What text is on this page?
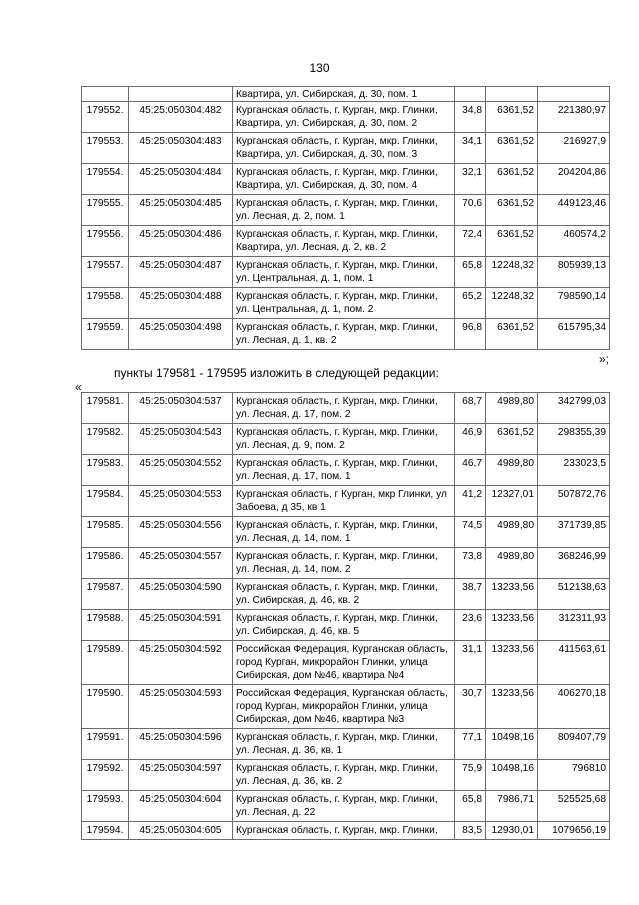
130
		Квартира, ул. Сибирская, д. 30, пом. 1			
179552.	45:25:050304:482	Курганская область, г. Курган, мкр. Глинки, Квартира, ул. Сибирская, д. 30, пом. 2	34,8	6361,52	221380,97
179553.	45:25:050304:483	Курганская область, г. Курган, мкр. Глинки, Квартира, ул. Сибирская, д. 30, пом. 3	34,1	6361,52	216927,9
179554.	45:25:050304:484	Курганская область, г. Курган, мкр. Глинки, Квартира, ул. Сибирская, д. 30, пом. 4	32,1	6361,52	204204,86
179555.	45:25:050304:485	Курганская область, г. Курган, мкр. Глинки, ул. Лесная, д. 2, пом. 1	70,6	6361,52	449123,46
179556.	45:25:050304:486	Курганская область, г. Курган, мкр. Глинки, Квартира, ул. Лесная, д. 2, кв. 2	72,4	6361,52	460574,2
179557.	45:25:050304:487	Курганская область, г. Курган, мкр. Глинки, ул. Центральная, д. 1, пом. 1	65,8	12248,32	805939,13
179558.	45:25:050304:488	Курганская область, г. Курган, мкр. Глинки, ул. Центральная, д. 1, пом. 2	65,2	12248,32	798590,14
179559.	45:25:050304:498	Курганская область, г. Курган, мкр. Глинки, ул. Лесная, д. 1, кв. 2	96,8	6361,52	615795,34
»;
пункты 179581 - 179595 изложить в следующей редакции:
«
179581.	45:25:050304:537	Курганская область, г. Курган, мкр. Глинки, ул. Лесная, д. 17, пом. 2	68,7	4989,80	342799,03
179582.	45:25:050304:543	Курганская область, г. Курган, мкр. Глинки, ул. Лесная, д. 9, пом. 2	46,9	6361,52	298355,39
179583.	45:25:050304:552	Курганская область, г. Курган, мкр. Глинки, ул. Лесная, д. 17, пом. 1	46,7	4989,80	233023,5
179584.	45:25:050304:553	Курганская область, г Курган, мкр Глинки, ул Забоева, д 35, кв 1	41,2	12327,01	507872,76
179585.	45:25:050304:556	Курганская область, г. Курган, мкр. Глинки, ул. Лесная, д. 14, пом. 1	74,5	4989,80	371739,85
179586.	45:25:050304:557	Курганская область, г. Курган, мкр. Глинки, ул. Лесная, д. 14, пом. 2	73,8	4989,80	368246,99
179587.	45:25:050304:590	Курганская область, г. Курган, мкр. Глинки, ул. Сибирская, д. 46, кв. 2	38,7	13233,56	512138,63
179588.	45:25:050304:591	Курганская область, г. Курган, мкр. Глинки, ул. Сибирская, д. 46, кв. 5	23,6	13233,56	312311,93
179589.	45:25:050304:592	Российская Федерация, Курганская область, город Курган, микрорайон Глинки, улица Сибирская, дом №46, квартира №4	31,1	13233,56	411563,61
179590.	45:25:050304:593	Российская Федерация, Курганская область, город Курган, микрорайон Глинки, улица Сибирская, дом №46, квартира №3	30,7	13233,56	406270,18
179591.	45:25:050304:596	Курганская область, г. Курган, мкр. Глинки, ул. Лесная, д. 36, кв. 1	77,1	10498,16	809407,79
179592.	45:25:050304:597	Курганская область, г. Курган, мкр. Глинки, ул. Лесная, д. 36, кв. 2	75,9	10498,16	796810
179593.	45:25:050304:604	Курганская область, г. Курган, мкр. Глинки, ул. Лесная, д. 22	65,8	7986,71	525525,68
179594.	45:25:050304:605	Курганская область, г. Курган, мкр. Глинки,	83,5	12930,01	1079656,19
